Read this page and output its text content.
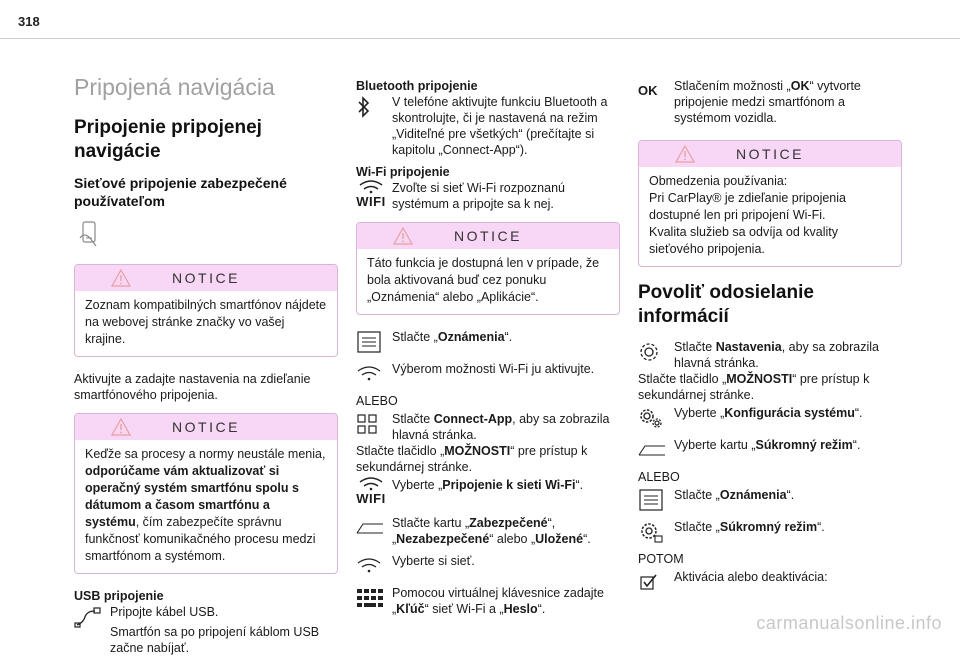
318
Pripojená navigácia
Pripojenie pripojenej navigácie
Sieťové pripojenie zabezpečené používateľom
NOTICE
Zoznam kompatibilných smartfónov nájdete na webovej stránke značky vo vašej krajine.

Aktivujte a zadajte nastavenia na zdieľanie smartfónového pripojenia.

NOTICE
Keďže sa procesy a normy neustále menia, odporúčame vám aktualizovať si operačný systém smartfónu spolu s dátumom a časom smartfónu a systému, čím zabezpečíte správnu funkčnosť komunikačného procesu medzi smartfónom a systémom.

USB pripojenie

Pripojte kábel USB.
Smartfón sa po pripojení káblom USB začne nabíjať.

Bluetooth pripojenie

V telefóne aktivujte funkciu Bluetooth a skontrolujte, či je nastavená na režim „Viditeľné pre všetkých“ (prečítajte si kapitolu „Connect-App“).

Wi-Fi pripojenie

WIFI
Zvoľte si sieť Wi-Fi rozpoznanú systémum a pripojte sa k nej.
NOTICE
Táto funkcia je dostupná len v prípade, že bola aktivovaná buď cez ponuku „Oznámenia“ alebo „Aplikácie“.
Stlačte „Oznámenia“.
Výberom možnosti Wi-Fi ju aktivujte.

ALEBO

Stlačte Connect-App, aby sa zobrazila hlavná stránka.

Stlačte tlačidlo „MOŽNOSTI“ pre prístup k sekundárnej stránke.

WIFI
Vyberte „Pripojenie k sieti Wi-Fi“.
Stlačte kartu „Zabezpečené“, „Nezabezpečené“ alebo „Uložené“.
Vyberte si sieť.
Pomocou virtuálnej klávesnice zadajte „Kľúč“ sieť Wi-Fi a „Heslo“.
OK Stlačením možnosti „OK“ vytvorte pripojenie medzi smartfónom a systémom vozidla.
NOTICE
Obmedzenia používania:
Pri CarPlay® je zdieľanie pripojenia dostupné len pri pripojení Wi-Fi.
Kvalita služieb sa odvíja od kvality sieťového pripojenia.
Povoliť odosielanie informácií
Stlačte Nastavenia, aby sa zobrazila hlavná stránka.

Stlačte tlačidlo „MOŽNOSTI“ pre prístup k sekundárnej stránke.

Vyberte „Konfigurácia systému“.
Vyberte kartu „Súkromný režim“.

ALEBO

Stlačte „Oznámenia“.
Stlačte „Súkromný režim“.

POTOM

Aktivácia alebo deaktivácia:
carmanualsonline.info
